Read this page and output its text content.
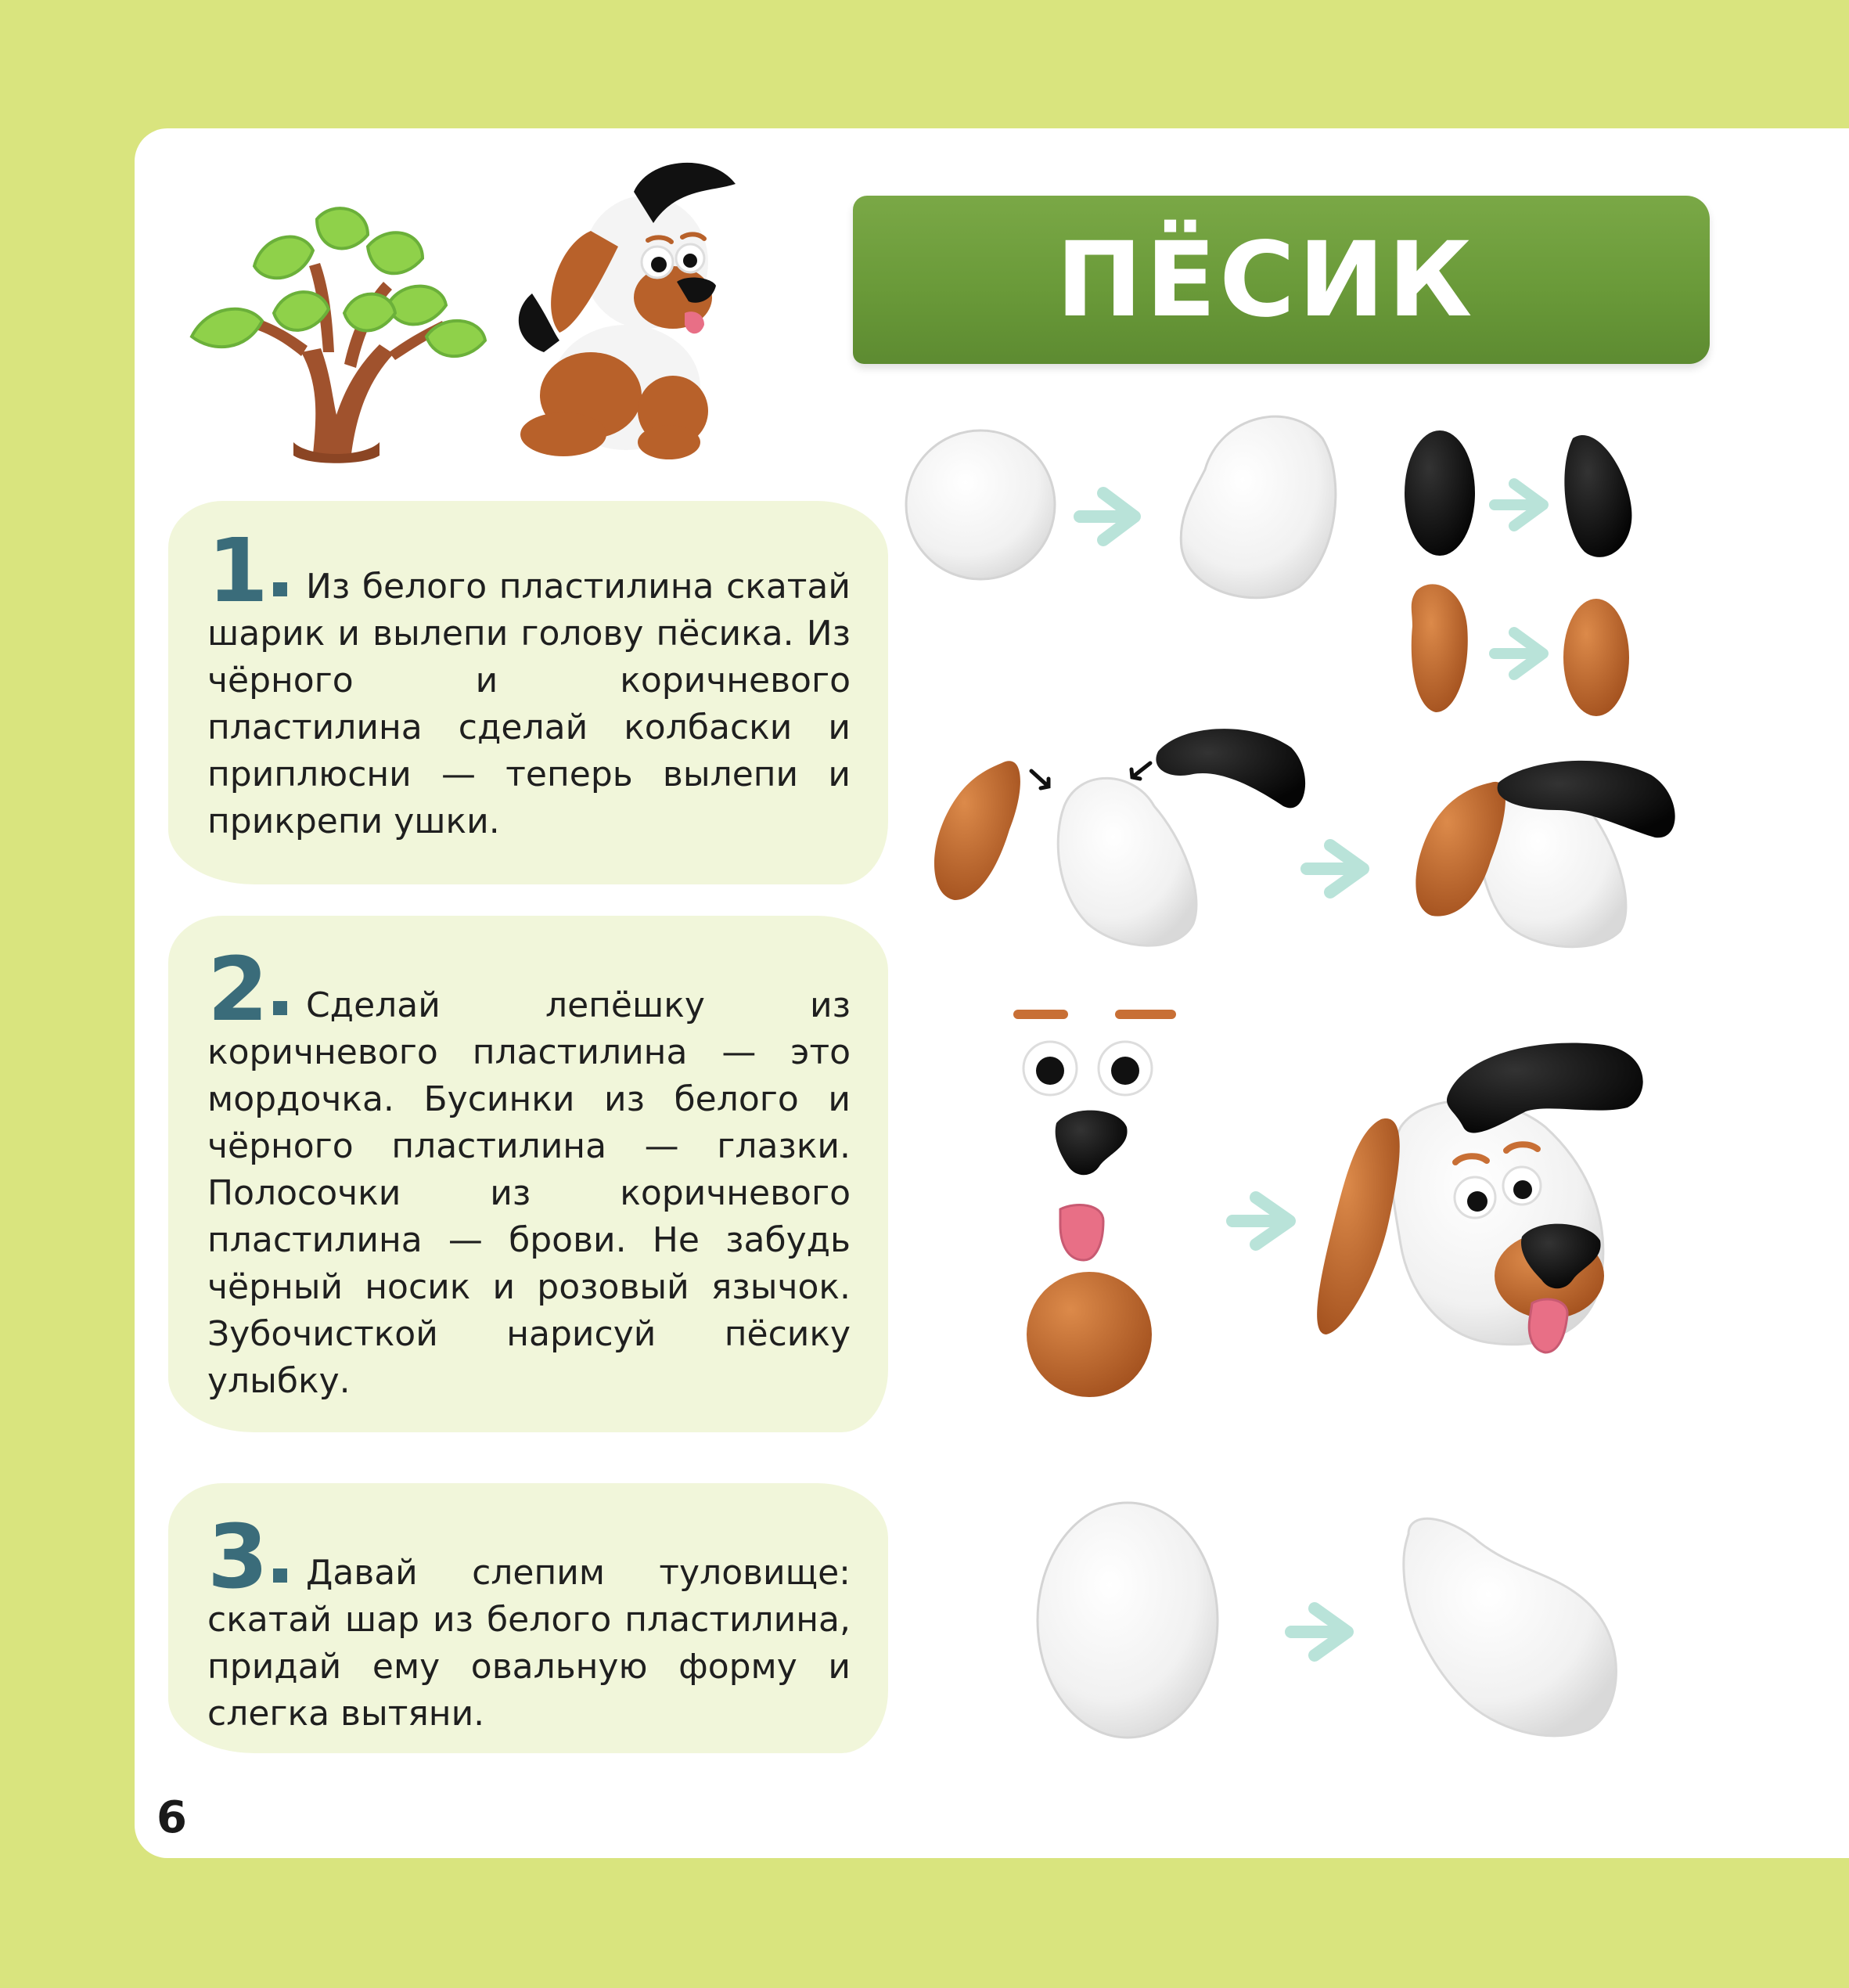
ПЁСИК

1 Из белого пластилина скатай шарик и вылепи голову пёсика. Из чёрного и коричневого пластилина сделай колбаски и приплюсни — теперь вылепи и прикрепи ушки.

2 Сделай лепёшку из коричневого пластилина — это мордочка. Бусинки из белого и чёрного пластилина — глазки. Полосочки из коричневого пластилина — брови. Не забудь чёрный носик и розовый язычок. Зубочисткой нарисуй пёсику улыбку.

3 Давай слепим туловище: скатай шар из белого пластилина, придай ему овальную форму и слегка вытяни.

6
